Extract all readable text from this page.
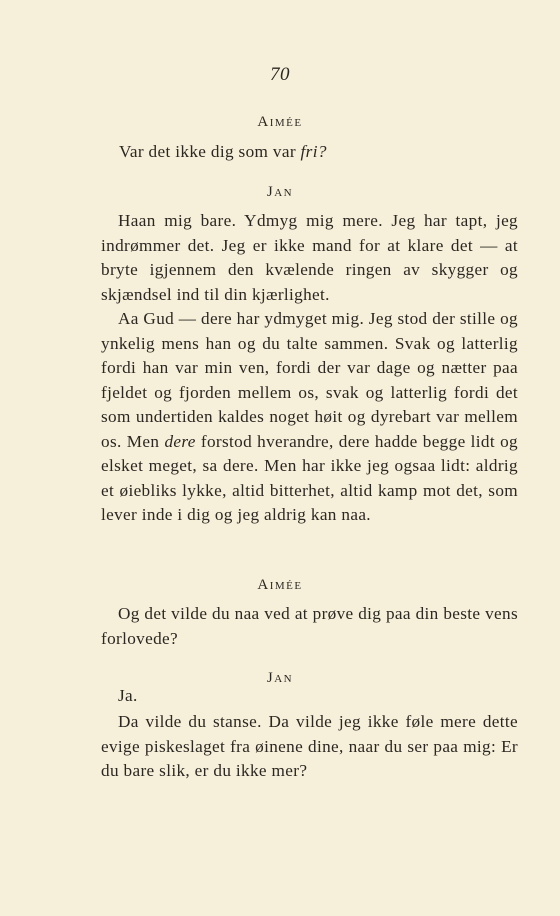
70
Aimée

Var det ikke dig som var fri?

Jan

Haan mig bare. Ydmyg mig mere. Jeg har tapt, jeg indrømmer det. Jeg er ikke mand for at klare det — at bryte igjennem den kvælende ringen av skygger og skjændsel ind til din kjærlighet.

Aa Gud — dere har ydmyget mig. Jeg stod der stille og ynkelig mens han og du talte sammen. Svak og latterlig fordi han var min ven, fordi der var dage og nætter paa fjeldet og fjorden mellem os, svak og latterlig fordi det som undertiden kaldes noget høit og dyrebart var mellem os. Men dere forstod hverandre, dere hadde begge lidt og elsket meget, sa dere. Men har ikke jeg ogsaa lidt: aldrig et øiebliks lykke, altid bitterhet, altid kamp mot det, som lever inde i dig og jeg aldrig kan naa.

Aimée

Og det vilde du naa ved at prøve dig paa din beste vens forlovede?

Jan
Ja.

Da vilde du stanse. Da vilde jeg ikke føle mere dette evige piskeslaget fra øinene dine, naar du ser paa mig: Er du bare slik, er du ikke mer?
